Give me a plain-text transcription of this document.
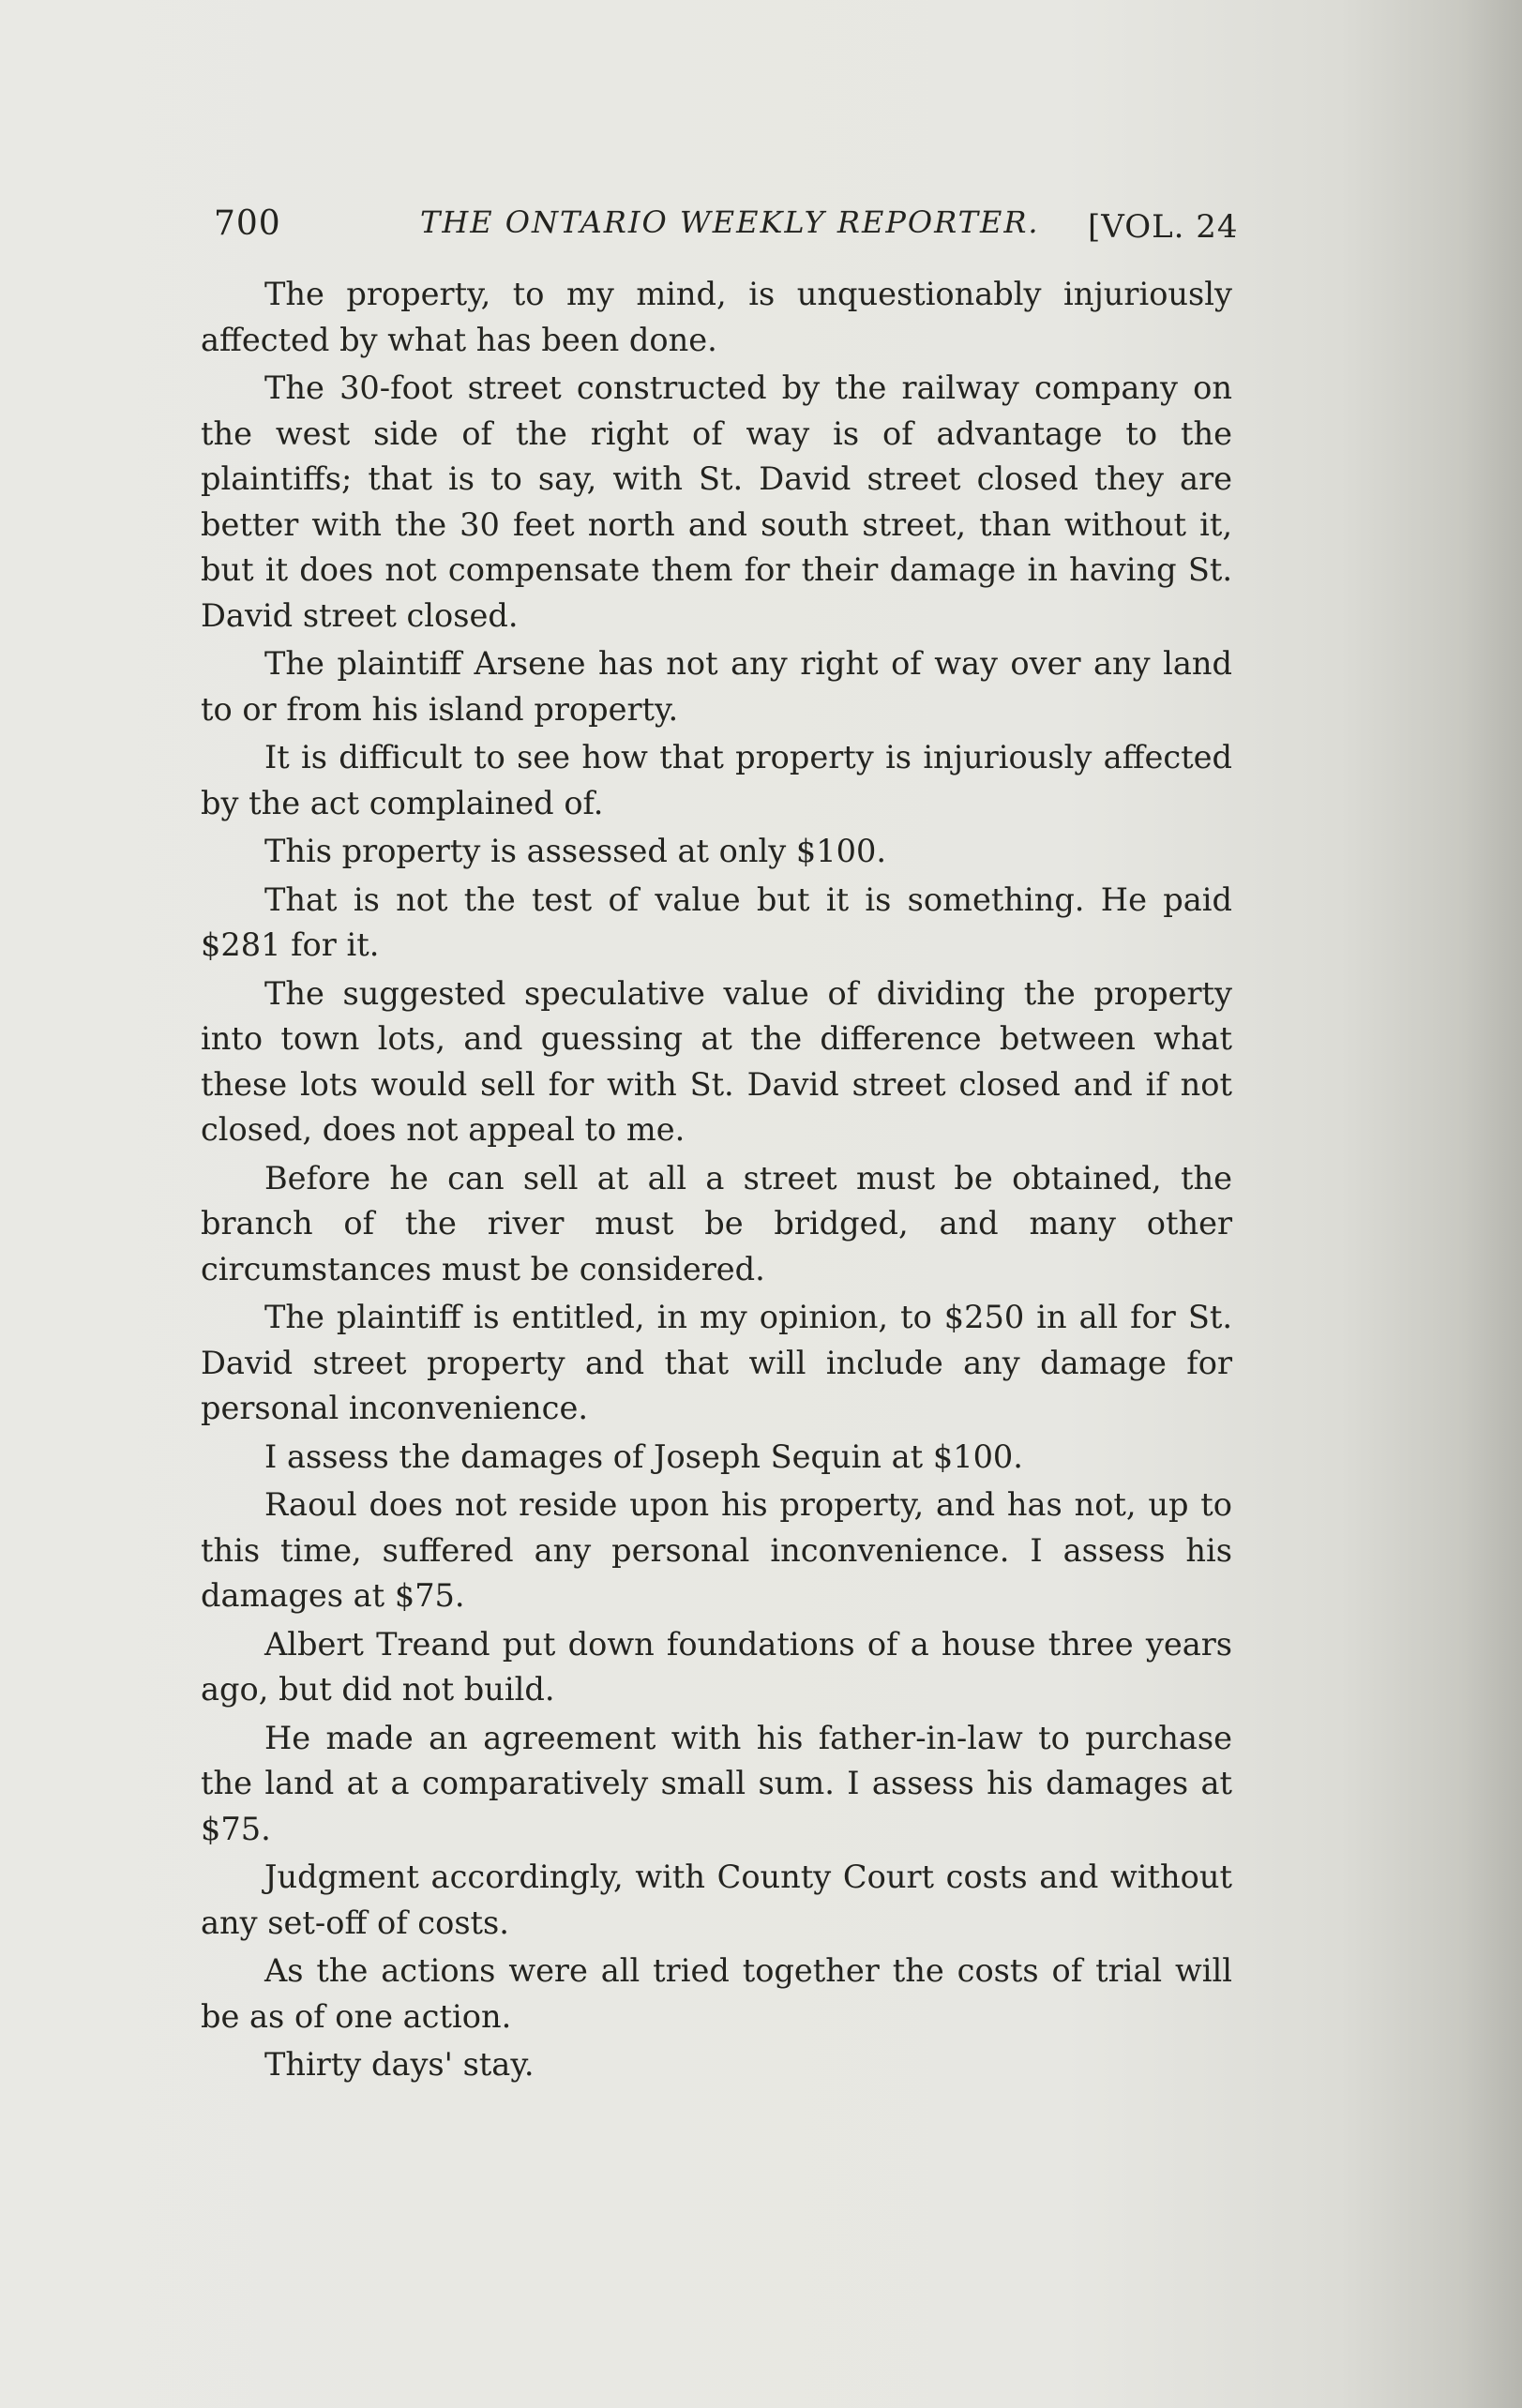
700	THE ONTARIO WEEKLY REPORTER. [VOL. 24

The property, to my mind, is unquestionably injuriously affected by what has been done.

The 30-foot street constructed by the railway company on the west side of the right of way is of advantage to the plaintiffs; that is to say, with St. David street closed they are better with the 30 feet north and south street, than without it, but it does not compensate them for their damage in having St. David street closed.

The plaintiff Arsene has not any right of way over any land to or from his island property.

It is difficult to see how that property is injuriously affected by the act complained of.

This property is assessed at only $100.

That is not the test of value but it is something. He paid $281 for it.

The suggested speculative value of dividing the property into town lots, and guessing at the difference between what these lots would sell for with St. David street closed and if not closed, does not appeal to me.

Before he can sell at all a street must be obtained, the branch of the river must be bridged, and many other circumstances must be considered.

The plaintiff is entitled, in my opinion, to $250 in all for St. David street property and that will include any damage for personal inconvenience.

I assess the damages of Joseph Sequin at $100.

Raoul does not reside upon his property, and has not, up to this time, suffered any personal inconvenience. I assess his damages at $75.

Albert Treand put down foundations of a house three years ago, but did not build.

He made an agreement with his father-in-law to purchase the land at a comparatively small sum. I assess his damages at $75.

Judgment accordingly, with County Court costs and without any set-off of costs.

As the actions were all tried together the costs of trial will be as of one action.

Thirty days' stay.
